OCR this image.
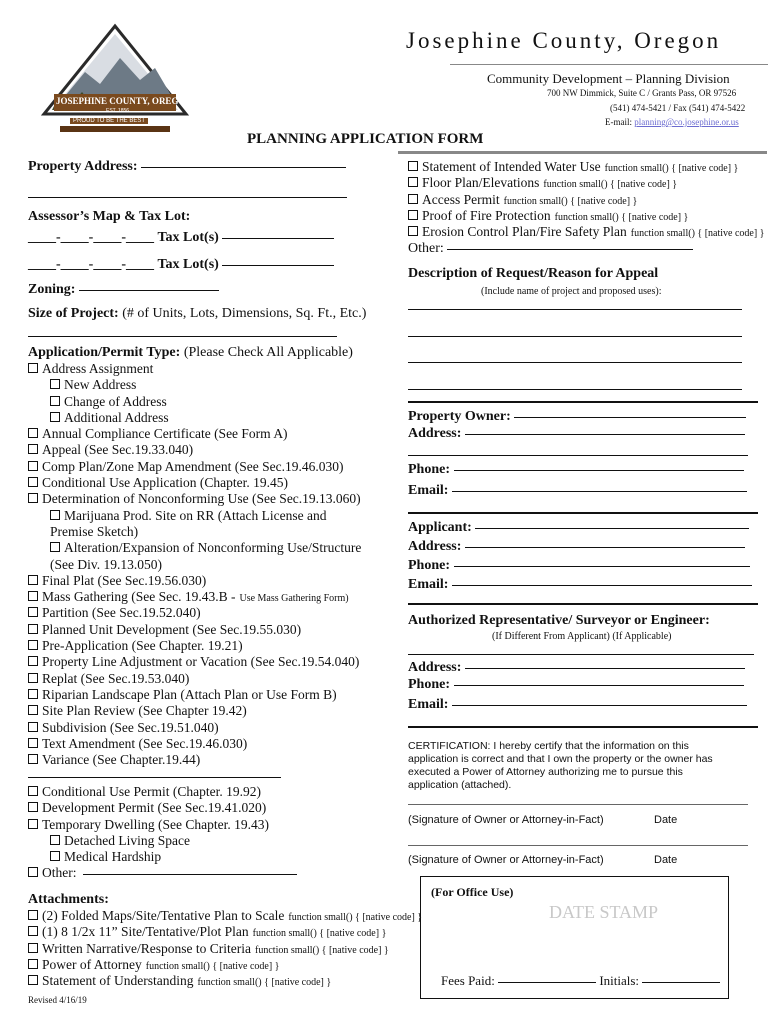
JOSEPHINE COUNTY, OREGON
EST. 1856
PROUD TO BE THE BEST
Josephine County, Oregon
Community Development – Planning Division
700 NW Dimmick, Suite C / Grants Pass, OR 97526
(541) 474-5421 / Fax (541) 474-5422
E-mail: planning@co.josephine.or.us
PLANNING APPLICATION FORM
Property Address:
Assessor’s Map & Tax Lot:
____-____-____-____ Tax Lot(s)
____-____-____-____ Tax Lot(s)
Zoning:
Size of Project: (# of Units, Lots, Dimensions, Sq. Ft., Etc.)
Application/Permit Type: (Please Check All Applicable)
Address Assignment
New Address
Change of Address
Additional Address
Annual Compliance Certificate (See Form A)
Appeal (See Sec.19.33.040)
Comp Plan/Zone Map Amendment (See Sec.19.46.030)
Conditional Use Application (Chapter. 19.45)
Determination of Nonconforming Use (See Sec.19.13.060)
Marijuana Prod. Site on RR (Attach License and
Premise Sketch)
Alteration/Expansion of Nonconforming Use/Structure
(See Div. 19.13.050)
Final Plat (See Sec.19.56.030)
Mass Gathering (See Sec. 19.43.B - Use Mass Gathering Form)
Partition (See Sec.19.52.040)
Planned Unit Development (See Sec.19.55.030)
Pre-Application (See Chapter. 19.21)
Property Line Adjustment or Vacation (See Sec.19.54.040)
Replat (See Sec.19.53.040)
Riparian Landscape Plan (Attach Plan or Use Form B)
Site Plan Review (See Chapter 19.42)
Subdivision (See Sec.19.51.040)
Text Amendment (See Sec.19.46.030)
Variance (See Chapter.19.44)
Conditional Use Permit (Chapter. 19.92)
Development Permit (See Sec.19.41.020)
Temporary Dwelling (See Chapter. 19.43)
Detached Living Space
Medical Hardship
Other:
Attachments:
(2) Folded Maps/Site/Tentative Plan to Scale function small() { [native code] }
(1) 8 1/2x 11” Site/Tentative/Plot Plan function small() { [native code] }
Written Narrative/Response to Criteria function small() { [native code] }
Power of Attorney function small() { [native code] }
Statement of Understanding function small() { [native code] }
Revised 4/16/19
Statement of Intended Water Use function small() { [native code] }
Floor Plan/Elevations function small() { [native code] }
Access Permit function small() { [native code] }
Proof of Fire Protection function small() { [native code] }
Erosion Control Plan/Fire Safety Plan function small() { [native code] }
Other:
Description of Request/Reason for Appeal
(Include name of project and proposed uses):
Property Owner:
Address:
Phone:
Email:
Applicant:
Address:
Phone:
Email:
Authorized Representative/ Surveyor or Engineer:
(If Different From Applicant) (If Applicable)
Address:
Phone:
Email:
CERTIFICATION: I hereby certify that the information on this
application is correct and that I own the property or the owner has
executed a Power of Attorney authorizing me to pursue this
application (attached).
(Signature of Owner or Attorney-in-Fact)	Date
(Signature of Owner or Attorney-in-Fact)	Date
(For Office Use)
DATE STAMP
Fees Paid:	Initials:
